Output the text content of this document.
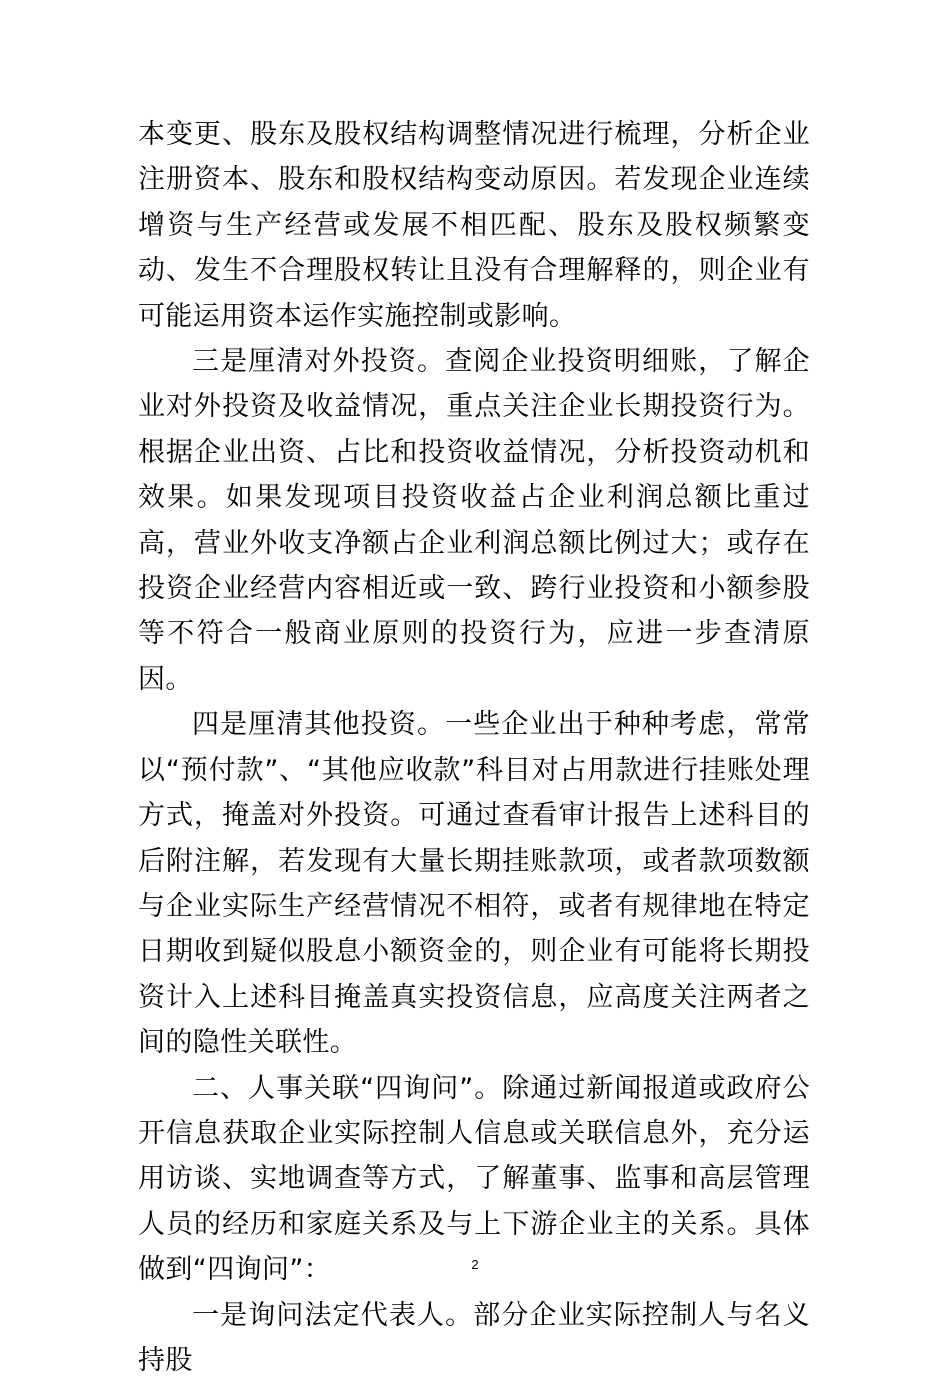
本变更、股东及股权结构调整情况进行梳理，分析企业注册资本、股东和股权结构变动原因。若发现企业连续增资与生产经营或发展不相匹配、股东及股权频繁变动、发生不合理股权转让且没有合理解释的，则企业有可能运用资本运作实施控制或影响。

三是厘清对外投资。查阅企业投资明细账，了解企业对外投资及收益情况，重点关注企业长期投资行为。根据企业出资、占比和投资收益情况，分析投资动机和效果。如果发现项目投资收益占企业利润总额比重过高，营业外收支净额占企业利润总额比例过大；或存在投资企业经营内容相近或一致、跨行业投资和小额参股等不符合一般商业原则的投资行为，应进一步查清原因。

四是厘清其他投资。一些企业出于种种考虑，常常以“预付款”、“其他应收款”科目对占用款进行挂账处理方式，掩盖对外投资。可通过查看审计报告上述科目的后附注解，若发现有大量长期挂账款项，或者款项数额与企业实际生产经营情况不相符，或者有规律地在特定日期收到疑似股息小额资金的，则企业有可能将长期投资计入上述科目掩盖真实投资信息，应高度关注两者之间的隐性关联性。

二、人事关联“四询问”。除通过新闻报道或政府公开信息获取企业实际控制人信息或关联信息外，充分运用访谈、实地调查等方式，了解董事、监事和高层管理人员的经历和家庭关系及与上下游企业主的关系。具体做到“四询问”：

一是询问法定代表人。部分企业实际控制人与名义持股

2
